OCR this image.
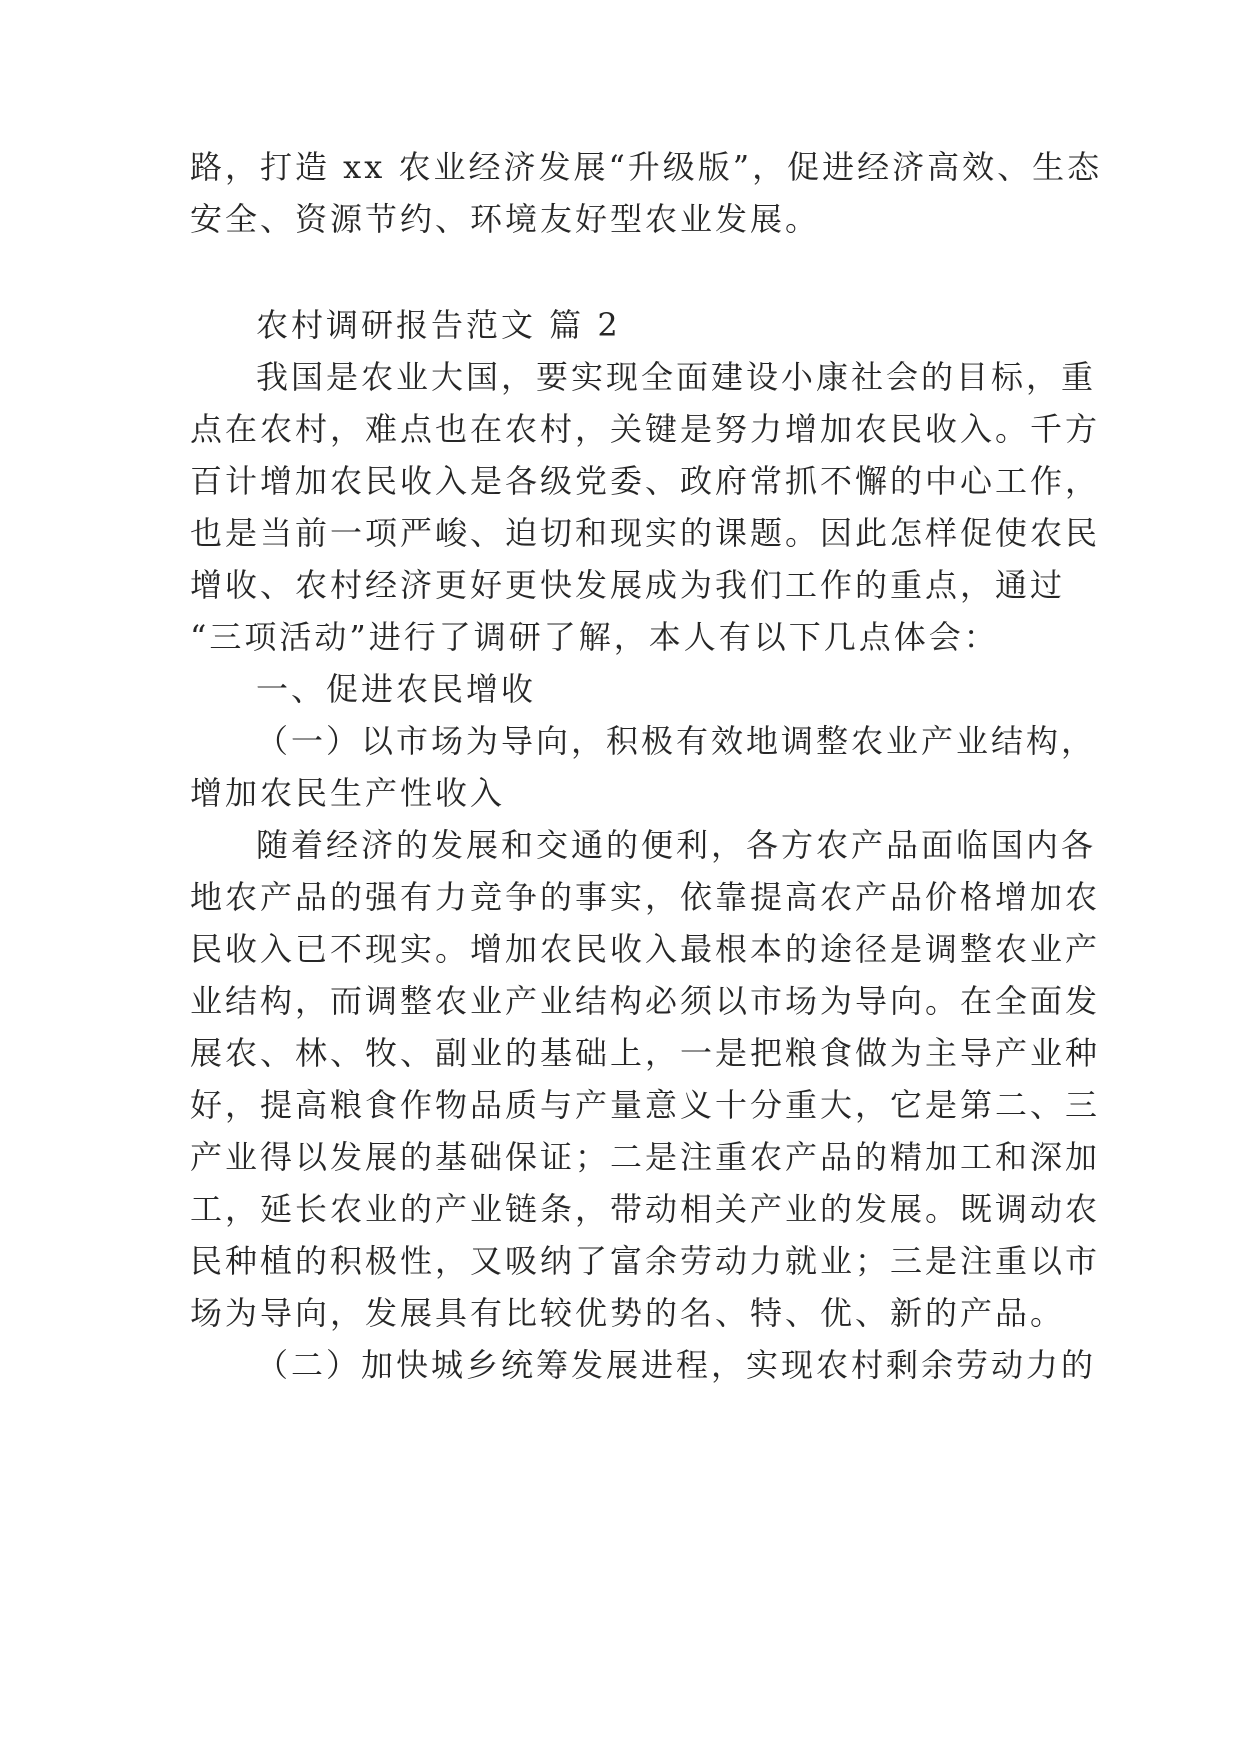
路，打造 xx 农业经济发展“升级版”，促进经济高效、生态
安全、资源节约、环境友好型农业发展。
农村调研报告范文 篇 2
我国是农业大国，要实现全面建设小康社会的目标，重
点在农村，难点也在农村，关键是努力增加农民收入。千方
百计增加农民收入是各级党委、政府常抓不懈的中心工作，
也是当前一项严峻、迫切和现实的课题。因此怎样促使农民
增收、农村经济更好更快发展成为我们工作的重点，通过
“三项活动”进行了调研了解，本人有以下几点体会：
一、促进农民增收
（一）以市场为导向，积极有效地调整农业产业结构，
增加农民生产性收入
随着经济的发展和交通的便利，各方农产品面临国内各
地农产品的强有力竞争的事实，依靠提高农产品价格增加农
民收入已不现实。增加农民收入最根本的途径是调整农业产
业结构，而调整农业产业结构必须以市场为导向。在全面发
展农、林、牧、副业的基础上，一是把粮食做为主导产业种
好，提高粮食作物品质与产量意义十分重大，它是第二、三
产业得以发展的基础保证；二是注重农产品的精加工和深加
工，延长农业的产业链条，带动相关产业的发展。既调动农
民种植的积极性，又吸纳了富余劳动力就业；三是注重以市
场为导向，发展具有比较优势的名、特、优、新的产品。
（二）加快城乡统筹发展进程，实现农村剩余劳动力的
